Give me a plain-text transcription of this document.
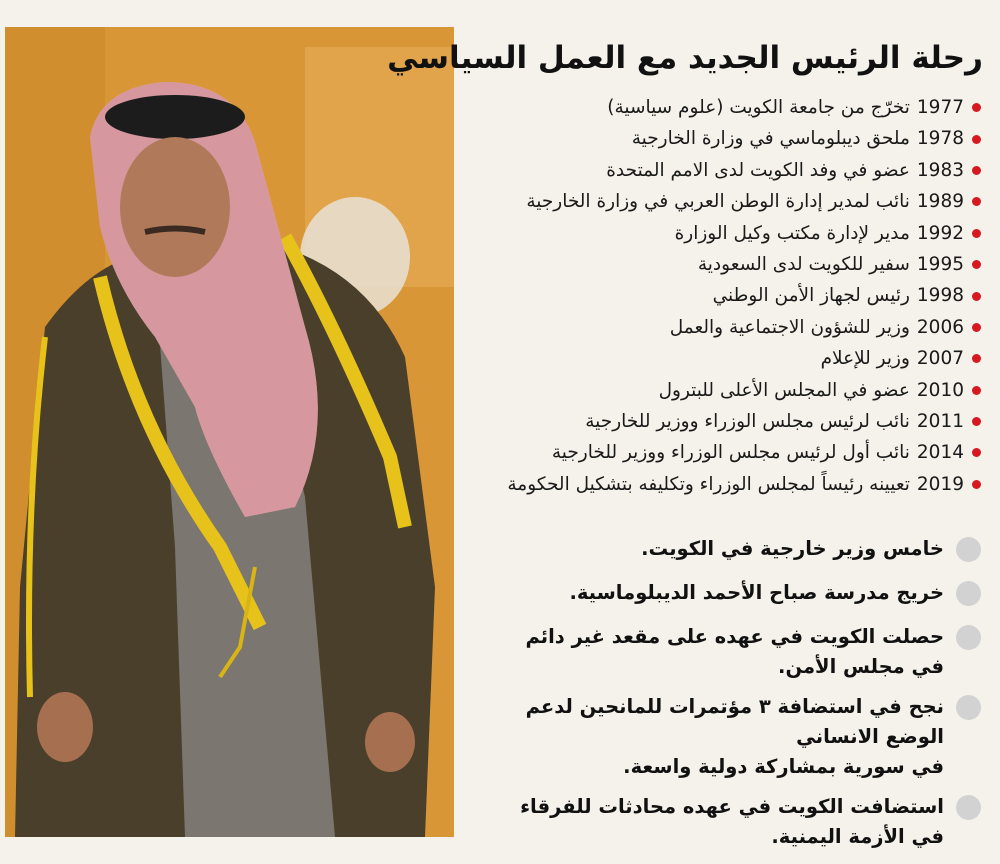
رحلة الرئيس الجديد مع العمل السياسي
1977
تخرّج من جامعة الكويت (علوم سياسية)
1978
ملحق ديبلوماسي في وزارة الخارجية
1983
عضو في وفد الكويت لدى الامم المتحدة
1989
نائب لمدير إدارة الوطن العربي في وزارة الخارجية
1992
مدير لإدارة مكتب وكيل الوزارة
1995
سفير للكويت لدى السعودية
1998
رئيس لجهاز الأمن الوطني
2006
وزير للشؤون الاجتماعية والعمل
2007
وزير للإعلام
2010
عضو في المجلس الأعلى للبترول
2011
نائب لرئيس مجلس الوزراء ووزير للخارجية
2014
نائب أول لرئيس مجلس الوزراء ووزير للخارجية
2019
تعيينه رئيساً لمجلس الوزراء وتكليفه بتشكيل الحكومة
خامس وزير خارجية في الكويت.
خريج مدرسة صباح الأحمد الديبلوماسية.
حصلت الكويت في عهده على مقعد غير دائم
في مجلس الأمن.
نجح في استضافة ٣ مؤتمرات للمانحين لدعم الوضع الانساني
في سورية بمشاركة دولية واسعة.
استضافت الكويت في عهده محادثات للفرقاء
في الأزمة اليمنية.
